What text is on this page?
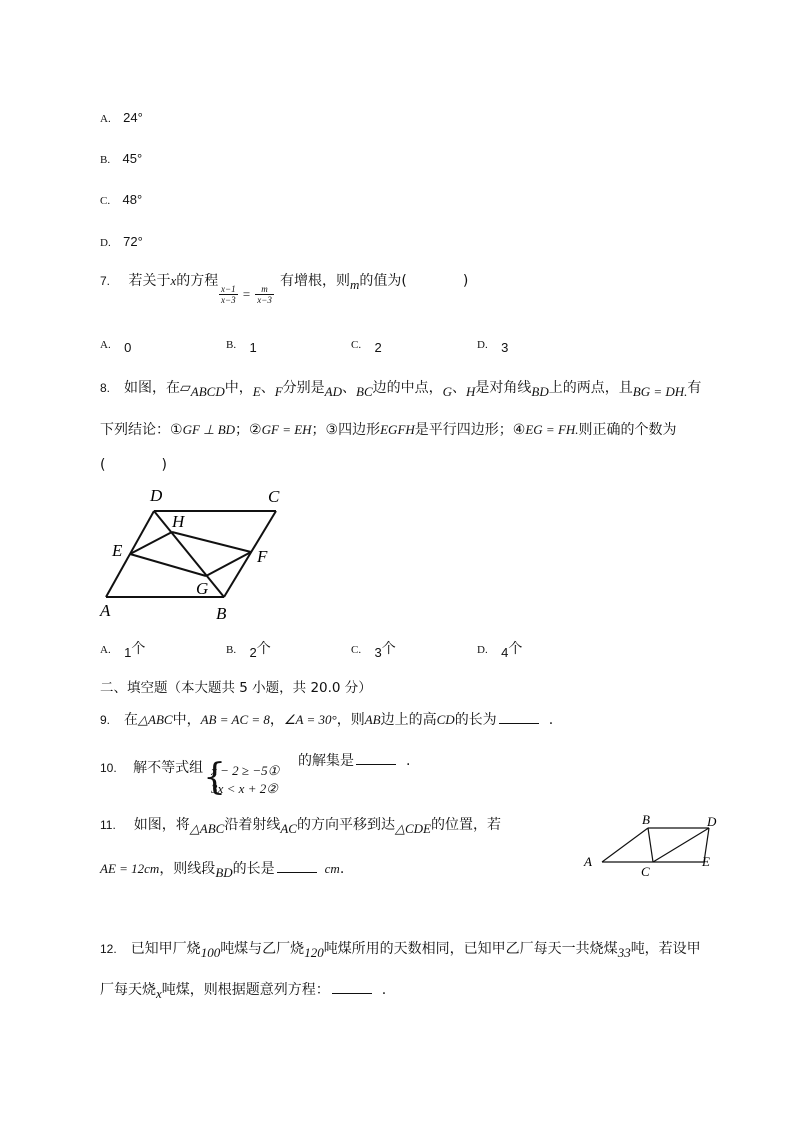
A. 24°
B. 45°
C. 48°
D. 72°
7. 若关于x的方程
$\frac{x-1}{x-3} = \frac{m}{x-3}$
有增根，则m的值为(	)
A. 0	B. 1	C. 2	D. 3
8. 如图，在▱ABCD中，E、F分别是AD、BC边的中点，G、H是对角线BD上的两点，且BG = DH.有
下列结论：①GF ⊥ BD；②GF = EH；③四边形EGFH是平行四边形；④EG = FH.则正确的个数为
(	)
D	C
H
E	F
G
A	B
A. 1个	B. 2个	C. 3个	D. 4个
二、填空题（本大题共 5 小题，共 20.0 分）
9. 在△ABC中，AB = AC = 8，∠A = 30°，则AB边上的高CD的长为	.
10. 解不等式组 {
x − 2 ≥ −5①
3x < x + 2②
的解集是	.
11. 如图，将△ABC沿着射线AC的方向平移到达△CDE的位置，若
AE = 12cm，则线段BD的长是	cm.
B	D
A	E
C
12. 已知甲厂烧100吨煤与乙厂烧120吨煤所用的天数相同，已知甲乙厂每天一共烧煤33吨，若设甲
厂每天烧x吨煤，则根据题意列方程：	.
